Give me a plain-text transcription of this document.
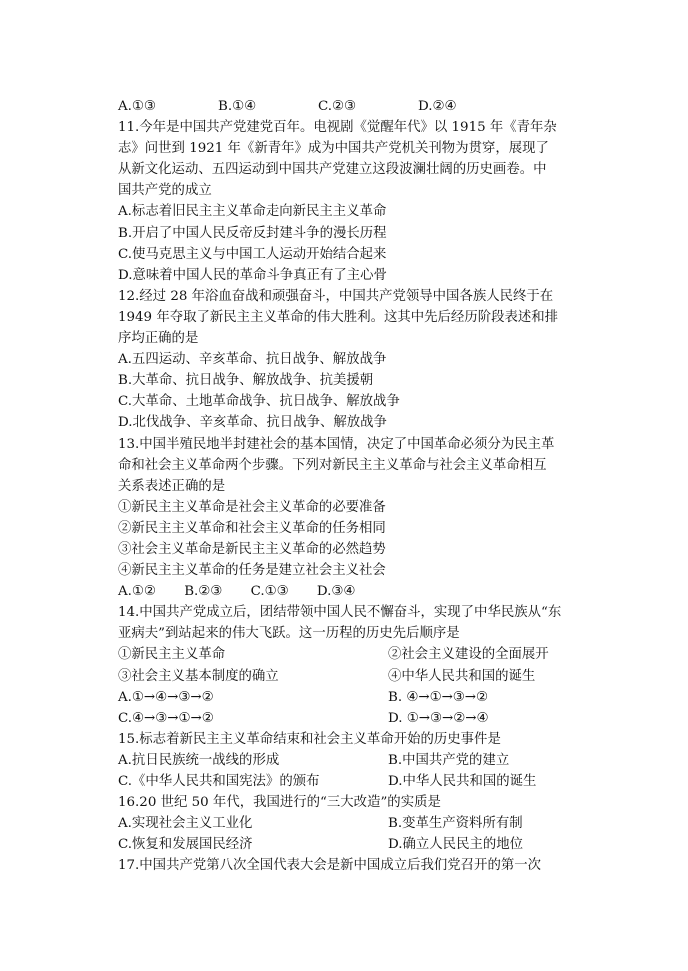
A.①③	B.①④	C.②③	D.②④
11.今年是中国共产党建党百年。电视剧《觉醒年代》以 1915 年《青年杂
志》问世到 1921 年《新青年》成为中国共产党机关刊物为贯穿，展现了
从新文化运动、五四运动到中国共产党建立这段波澜壮阔的历史画卷。中
国共产党的成立
A.标志着旧民主主义革命走向新民主主义革命
B.开启了中国人民反帝反封建斗争的漫长历程
C.使马克思主义与中国工人运动开始结合起来
D.意味着中国人民的革命斗争真正有了主心骨
12.经过 28 年浴血奋战和顽强奋斗，中国共产党领导中国各族人民终于在
1949 年夺取了新民主主义革命的伟大胜利。这其中先后经历阶段表述和排
序均正确的是
A.五四运动、辛亥革命、抗日战争、解放战争
B.大革命、抗日战争、解放战争、抗美援朝
C.大革命、土地革命战争、抗日战争、解放战争
D.北伐战争、辛亥革命、抗日战争、解放战争
13.中国半殖民地半封建社会的基本国情，决定了中国革命必须分为民主革
命和社会主义革命两个步骤。下列对新民主主义革命与社会主义革命相互
关系表述正确的是
①新民主主义革命是社会主义革命的必要准备
②新民主主义革命和社会主义革命的任务相同
③社会主义革命是新民主主义革命的必然趋势
④新民主主义革命的任务是建立社会主义社会
A.①② B.②③ C.①③ D.③④
14.中国共产党成立后，团结带领中国人民不懈奋斗，实现了中华民族从“东
亚病夫”到站起来的伟大飞跃。这一历程的历史先后顺序是
①新民主主义革命	②社会主义建设的全面展开
③社会主义基本制度的确立	④中华人民共和国的诞生
A.①→④→③→②	B. ④→①→③→②
C.④→③→①→②	D. ①→③→②→④
15.标志着新民主主义革命结束和社会主义革命开始的历史事件是
A.抗日民族统一战线的形成	B.中国共产党的建立
C.《中华人民共和国宪法》的颁布	D.中华人民共和国的诞生
16.20 世纪 50 年代，我国进行的“三大改造”的实质是
A.实现社会主义工业化	B.变革生产资料所有制
C.恢复和发展国民经济	D.确立人民民主的地位
17.中国共产党第八次全国代表大会是新中国成立后我们党召开的第一次
